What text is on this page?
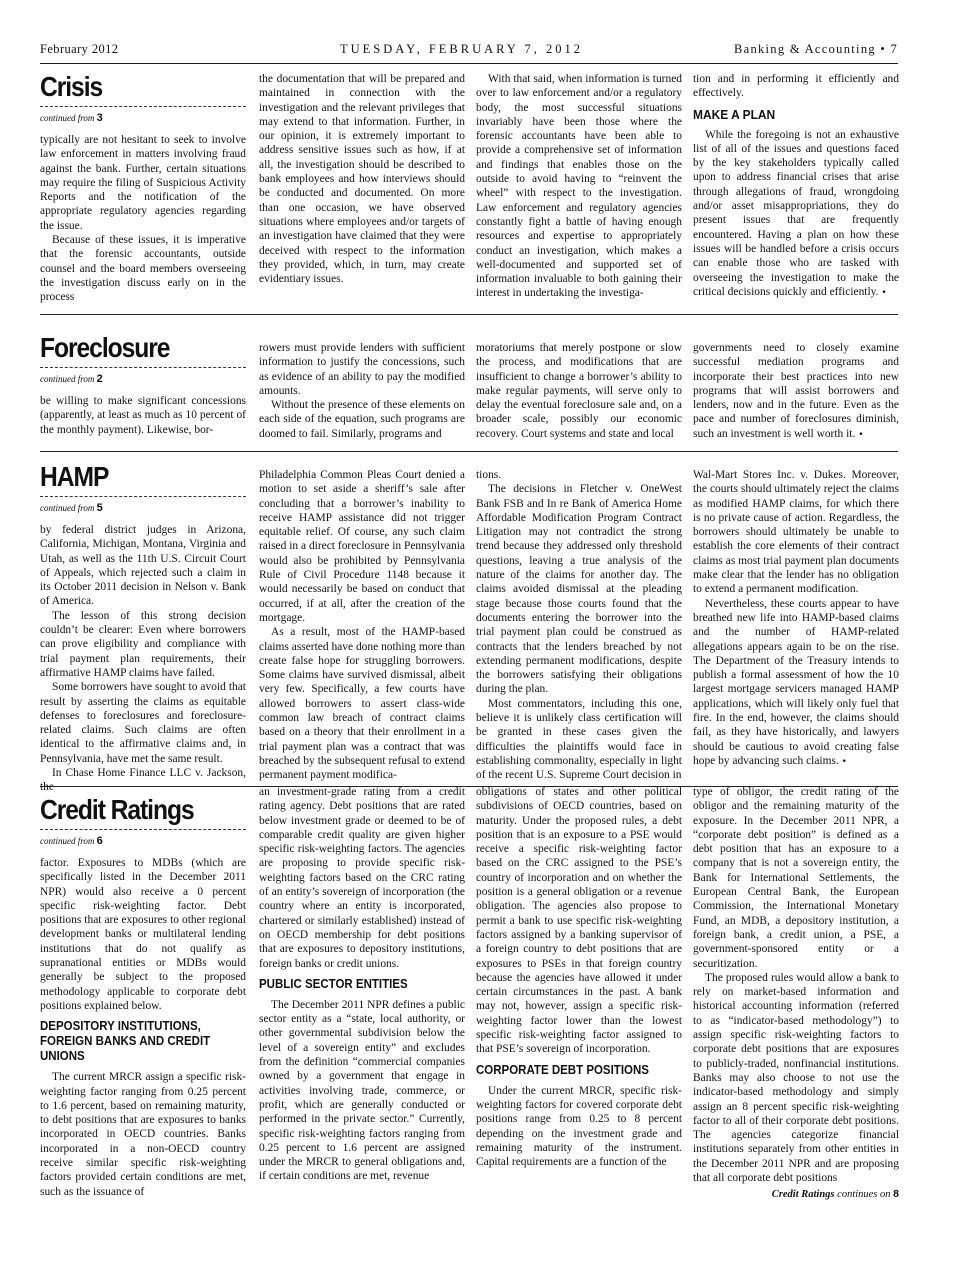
February 2012	TUESDAY, FEBRUARY 7, 2012	Banking & Accounting • 7
Crisis
continued from 3

typically are not hesitant to seek to involve law enforcement in matters involving fraud against the bank. Further, certain situations may require the filing of Suspicious Activity Reports and the notification of the appropriate regulatory agencies regarding the issue.

Because of these issues, it is imperative that the forensic accountants, outside counsel and the board members overseeing the investigation discuss early on in the process

the documentation that will be prepared and maintained in connection with the investigation and the relevant privileges that may extend to that information. Further, in our opinion, it is extremely important to address sensitive issues such as how, if at all, the investigation should be described to bank employees and how interviews should be conducted and documented. On more than one occasion, we have observed situations where employees and/or targets of an investigation have claimed that they were deceived with respect to the information they provided, which, in turn, may create evidentiary issues.

With that said, when information is turned over to law enforcement and/or a regulatory body, the most successful situations invariably have been those where the forensic accountants have been able to provide a comprehensive set of information and findings that enables those on the outside to avoid having to “reinvent the wheel” with respect to the investigation. Law enforcement and regulatory agencies constantly fight a battle of having enough resources and expertise to appropriately conduct an investigation, which makes a well-documented and supported set of information invaluable to both gaining their interest in undertaking the investiga-

tion and in performing it efficiently and effectively.

MAKE A PLAN

While the foregoing is not an exhaustive list of all of the issues and questions faced by the key stakeholders typically called upon to address financial crises that arise through allegations of fraud, wrongdoing and/or asset misappropriations, they do present issues that are frequently encountered. Having a plan on how these issues will be handled before a crisis occurs can enable those who are tasked with overseeing the investigation to make the critical decisions quickly and efficiently. •

Foreclosure
continued from 2

be willing to make significant concessions (apparently, at least as much as 10 percent of the monthly payment). Likewise, bor-

rowers must provide lenders with sufficient information to justify the concessions, such as evidence of an ability to pay the modified amounts.

Without the presence of these elements on each side of the equation, such programs are doomed to fail. Similarly, programs and

moratoriums that merely postpone or slow the process, and modifications that are insufficient to change a borrower’s ability to make regular payments, will serve only to delay the eventual foreclosure sale and, on a broader scale, possibly our economic recovery. Court systems and state and local

governments need to closely examine successful mediation programs and incorporate their best practices into new programs that will assist borrowers and lenders, now and in the future. Even as the pace and number of foreclosures diminish, such an investment is well worth it. •

HAMP
continued from 5

by federal district judges in Arizona, California, Michigan, Montana, Virginia and Utah, as well as the 11th U.S. Circuit Court of Appeals, which rejected such a claim in its October 2011 decision in Nelson v. Bank of America.

The lesson of this strong decision couldn’t be clearer: Even where borrowers can prove eligibility and compliance with trial payment plan requirements, their affirmative HAMP claims have failed.

Some borrowers have sought to avoid that result by asserting the claims as equitable defenses to foreclosures and foreclosure-related claims. Such claims are often identical to the affirmative claims and, in Pennsylvania, have met the same result.

In Chase Home Finance LLC v. Jackson, the

Philadelphia Common Pleas Court denied a motion to set aside a sheriff’s sale after concluding that a borrower’s inability to receive HAMP assistance did not trigger equitable relief. Of course, any such claim raised in a direct foreclosure in Pennsylvania would also be prohibited by Pennsylvania Rule of Civil Procedure 1148 because it would necessarily be based on conduct that occurred, if at all, after the creation of the mortgage.

As a result, most of the HAMP-based claims asserted have done nothing more than create false hope for struggling borrowers. Some claims have survived dismissal, albeit very few. Specifically, a few courts have allowed borrowers to assert class-wide common law breach of contract claims based on a theory that their enrollment in a trial payment plan was a contract that was breached by the subsequent refusal to extend permanent payment modifica-

tions.

The decisions in Fletcher v. OneWest Bank FSB and In re Bank of America Home Affordable Modification Program Contract Litigation may not contradict the strong trend because they addressed only threshold questions, leaving a true analysis of the nature of the claims for another day. The claims avoided dismissal at the pleading stage because those courts found that the documents entering the borrower into the trial payment plan could be construed as contracts that the lenders breached by not extending permanent modifications, despite the borrowers satisfying their obligations during the plan.

Most commentators, including this one, believe it is unlikely class certification will be granted in these cases given the difficulties the plaintiffs would face in establishing commonality, especially in light of the recent U.S. Supreme Court decision in

Wal-Mart Stores Inc. v. Dukes. Moreover, the courts should ultimately reject the claims as modified HAMP claims, for which there is no private cause of action. Regardless, the borrowers should ultimately be unable to establish the core elements of their contract claims as most trial payment plan documents make clear that the lender has no obligation to extend a permanent modification.

Nevertheless, these courts appear to have breathed new life into HAMP-based claims and the number of HAMP-related allegations appears again to be on the rise. The Department of the Treasury intends to publish a formal assessment of how the 10 largest mortgage servicers managed HAMP applications, which will likely only fuel that fire. In the end, however, the claims should fail, as they have historically, and lawyers should be cautious to avoid creating false hope by advancing such claims. •

Credit Ratings
continued from 6

factor. Exposures to MDBs (which are specifically listed in the December 2011 NPR) would also receive a 0 percent specific risk-weighting factor. Debt positions that are exposures to other regional development banks or multilateral lending institutions that do not qualify as supranational entities or MDBs would generally be subject to the proposed methodology applicable to corporate debt positions explained below.

DEPOSITORY INSTITUTIONS, FOREIGN BANKS AND CREDIT UNIONS

The current MRCR assign a specific risk-weighting factor ranging from 0.25 percent to 1.6 percent, based on remaining maturity, to debt positions that are exposures to banks incorporated in OECD countries. Banks incorporated in a non-OECD country receive similar specific risk-weighting factors provided certain conditions are met, such as the issuance of

an investment-grade rating from a credit rating agency. Debt positions that are rated below investment grade or deemed to be of comparable credit quality are given higher specific risk-weighting factors. The agencies are proposing to provide specific risk-weighting factors based on the CRC rating of an entity’s sovereign of incorporation (the country where an entity is incorporated, chartered or similarly established) instead of on OECD membership for debt positions that are exposures to depository institutions, foreign banks or credit unions.

PUBLIC SECTOR ENTITIES

The December 2011 NPR defines a public sector entity as a “state, local authority, or other governmental subdivision below the level of a sovereign entity” and excludes from the definition “commercial companies owned by a government that engage in activities involving trade, commerce, or profit, which are generally conducted or performed in the private sector.” Currently, specific risk-weighting factors ranging from 0.25 percent to 1.6 percent are assigned under the MRCR to general obligations and, if certain conditions are met, revenue

obligations of states and other political subdivisions of OECD countries, based on maturity. Under the proposed rules, a debt position that is an exposure to a PSE would receive a specific risk-weighting factor based on the CRC assigned to the PSE’s country of incorporation and on whether the position is a general obligation or a revenue obligation. The agencies also propose to permit a bank to use specific risk-weighting factors assigned by a banking supervisor of a foreign country to debt positions that are exposures to PSEs in that foreign country because the agencies have allowed it under certain circumstances in the past. A bank may not, however, assign a specific risk-weighting factor lower than the lowest specific risk-weighting factor assigned to that PSE’s sovereign of incorporation.

CORPORATE DEBT POSITIONS

Under the current MRCR, specific risk-weighting factors for covered corporate debt positions range from 0.25 to 8 percent depending on the investment grade and remaining maturity of the instrument. Capital requirements are a function of the

type of obligor, the credit rating of the obligor and the remaining maturity of the exposure. In the December 2011 NPR, a “corporate debt position” is defined as a debt position that has an exposure to a company that is not a sovereign entity, the Bank for International Settlements, the European Central Bank, the European Commission, the International Monetary Fund, an MDB, a depository institution, a foreign bank, a credit union, a PSE, a government-sponsored entity or a securitization.

The proposed rules would allow a bank to rely on market-based information and historical accounting information (referred to as “indicator-based methodology”) to assign specific risk-weighting factors to corporate debt positions that are exposures to publicly-traded, nonfinancial institutions. Banks may also choose to not use the indicator-based methodology and simply assign an 8 percent specific risk-weighting factor to all of their corporate debt positions. The agencies categorize financial institutions separately from other entities in the December 2011 NPR and are proposing that all corporate debt positions

Credit Ratings continues on 8
